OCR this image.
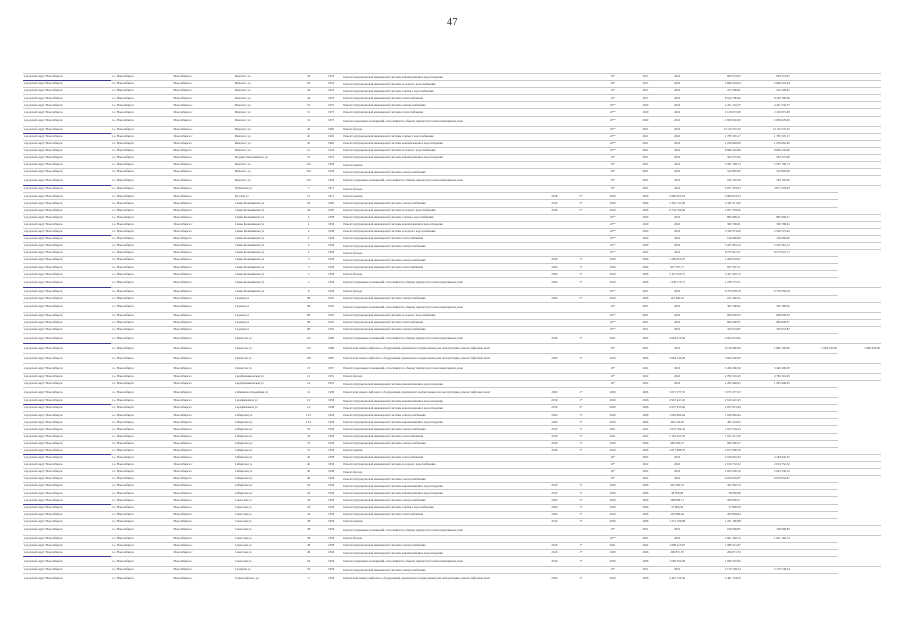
47
городской округ Новосибирск	г.о. Новосибирск	Новосибирск г	Римского ул	26	1953	Ремонт внутридомовой инженерной системы канализования и водоотведения			10*	2017	2022	694 553,05	694 553,05		
городской округ Новосибирск	г.о. Новосибирск	Новосибирск г	Римского ул	26	1953	Ремонт внутридомовой инженерной системы холодного водоснабжения			10*	2017	2022	2 669 222,04	2 669 222,04		
городской округ Новосибирск	г.о. Новосибирск	Новосибирск г	Римского ул	26	1953	Ремонт внутридомовой инженерной системы горячего водоснабжения			10*	2017	2022	252 590,81	252 590,81		
городской округ Новосибирск	г.о. Новосибирск	Новосибирск г	Римского ул	26	1953	Ремонт внутридомовой инженерной системы теплоснабжения			10*	2017	2022	8 164 780,60	8 164 780,60		
городской округ Новосибирск	г.о. Новосибирск	Новосибирск г	Римского ул	31	1975	Ремонт внутридомовой инженерной системы электроснабжения			10**	2020	2022	4 451 742,75	4 451 742,75		
городской округ Новосибирск	г.о. Новосибирск	Новосибирск г	Римского ул	31	1975	Ремонт внутридомовой инженерной системы теплоснабжения			10**	2020	2022	2 129 672,08	2 129 672,08		
городской округ Новосибирск	г.о. Новосибирск	Новосибирск г	Римского ул	31	1975	Ремонт подвальных помещений, относящихся к общему имуществу в многоквартирном доме			10**	2020	2022	2 659 620,00	2 659 620,00		
городской округ Новосибирск	г.о. Новосибирск	Новосибирск г	Римского ул	45	1965	Ремонт фасада			10**	2021	2022	13 116 537,45	13 116 537,45		
городской округ Новосибирск	г.о. Новосибирск	Новосибирск г	Римского ул	45	1965	Ремонт внутридомовой инженерной системы горячего водоснабжения			10**	2021	2022	1 785 505,17	1 785 505,17		
городской округ Новосибирск	г.о. Новосибирск	Новосибирск г	Римского ул	45	1965	Ремонт внутридомовой инженерной системы канализования и водоотведения			10**	2021	2022	1 239 662,90	1 239 662,90		
городской округ Новосибирск	г.о. Новосибирск	Новосибирск г	Римского ул	51	1933	Ремонт внутридомовой инженерной системы холодного водоснабжения			10**	2021	2022	8 806 245,96	8 806 245,96		
городской округ Новосибирск	г.о. Новосибирск	Новосибирск г	Богдана Хмельницкого ул	75	1953	Ремонт внутридомовой инженерной системы канализования и водоотведения			10*	2021	2022	563 275,00	563 275,00		
городской округ Новосибирск	г.о. Новосибирск	Новосибирск г	Римского ул	25а	1958	Ремонт крыши			10*	2021	2022	2 581 706,73	2 581 706,73		
городской округ Новосибирск	г.о. Новосибирск	Новосибирск г	Римского ул	25а	1958	Ремонт внутридомовой инженерной системы электроснабжения			10*	2021	2022	543 895,00	543 895,00		
городской округ Новосибирск	г.о. Новосибирск	Новосибирск г	Римского ул	25а	1958	Ремонт подвальных помещений, относящихся к общему имуществу в многоквартирном доме			10*	2021	2022	183 702,50	183 702,50		
городской округ Новосибирск	г.о. Новосибирск	Новосибирск г	Рубиновая ул	7	1971	Ремонт фасада			10*	2021	2022	4 871 479,03	4 871 479,03		
городской округ Новосибирск	г.о. Новосибирск	Новосибирск г	Русская ул	15	1971	Ремонт крыши	2018	2*	2020	2026	2 900 053,23	2 900 053,23			
городской округ Новосибирск	г.о. Новосибирск	Новосибирск г	Саввы Кожевникова ул	29	1983	Ремонт внутридомовой инженерной системы электроснабжения	2019	2*	2020	2026	2 305 511,00	2 305 511,00			
городской округ Новосибирск	г.о. Новосибирск	Новосибирск г	Саввы Кожевникова ул	29	1983	Ремонт внутридомовой инженерной системы холодного водоснабжения	2019	2*	2020	2026	6 734 794,00	1 857 793,00			
городской округ Новосибирск	г.о. Новосибирск	Новосибирск г	Саввы Кожевникова ул	4	1958	Ремонт внутридомовой инженерной системы горячего водоснабжения			10**	2020	2022	885 999,21	885 999,21		
городской округ Новосибирск	г.о. Новосибирск	Новосибирск г	Саввы Кожевникова ул	4	1958	Ремонт внутридомовой инженерной системы канализования и водоотведения			10**	2020	2022	300 796,61	300 796,61		
городской округ Новосибирск	г.о. Новосибирск	Новосибирск г	Саввы Кожевникова ул	4	1958	Ремонт внутридомовой инженерной системы холодного водоснабжения			10**	2020	2022	2 549 373,40	2 549 373,40		
городской округ Новосибирск	г.о. Новосибирск	Новосибирск г	Саввы Кожевникова ул	4	1958	Ремонт внутридомовой инженерной системы теплоснабжения			10**	2020	2022	126 606,90	126 606,90		
городской округ Новосибирск	г.о. Новосибирск	Новосибирск г	Саввы Кожевникова ул	4	1958	Ремонт внутридомовой инженерной системы электроснабжения			10**	2020	2022	5 203 481,12	5 203 481,12		
городской округ Новосибирск	г.о. Новосибирск	Новосибирск г	Саввы Кожевникова ул	4	1958	Ремонт фасада			10**	2022	2022	8 275 941,71	8 275 941,71		
городской округ Новосибирск	г.о. Новосибирск	Новосибирск г	Саввы Кожевникова ул	5	1958	Ремонт внутридомовой инженерной системы электроснабжения	2019	1*	2020	2026	1 299 652,97	1 299 652,97			
городской округ Новосибирск	г.о. Новосибирск	Новосибирск г	Саввы Кожевникова ул	5	1958	Ремонт внутридомовой инженерной системы теплоснабжения	2020	1*	2020	2026	827 567,71	827 567,71			
городской округ Новосибирск	г.о. Новосибирск	Новосибирск г	Саввы Кожевникова ул	5	1958	Ремонт фасада	2020	1*	2020	2026	5 457 455,72	5 457 455,72			
городской округ Новосибирск	г.о. Новосибирск	Новосибирск г	Саввы Кожевникова ул	5	1958	Ремонт подвальных помещений, относящихся к общему имуществу в многоквартирном доме	2020	1*	2020	2026	1 238 175,71	1 238 175,71			
городской округ Новосибирск	г.о. Новосибирск	Новосибирск г	Саввы Кожевникова ул	6	1958	Ремонт фасада			10**	2021	2022	9 750 658,18	9 750 658,18		
городской округ Новосибирск	г.о. Новосибирск	Новосибирск г	Садовая ул	98	1955	Ремонт внутридомовой инженерной системы электроснабжения	2020	2*	2020	2026	191 400,25	191 400,25			
городской округ Новосибирск	г.о. Новосибирск	Новосибирск г	Садовая ул	98	1955	Ремонт подвальных помещений, относящихся к общему имуществу в многоквартирном доме			10*	2021	2022	305 160,92	305 160,92		
городской округ Новосибирск	г.о. Новосибирск	Новосибирск г	Садовая ул	98	1955	Ремонт внутридомовой инженерной системы холодного водоснабжения			10**	2021	2022	608 658,35	608 658,35		
городской округ Новосибирск	г.о. Новосибирск	Новосибирск г	Садовая ул	98	1955	Ремонт внутридомовой инженерной системы теплоснабжения			10**	2021	2022	884 008,37	884 008,37		
городской округ Новосибирск	г.о. Новосибирск	Новосибирск г	Садовая ул	98	1955	Ремонт внутридомовой инженерной системы электроснабжения			10**	2021	2022	350 053,87	350 053,87		
городской округ Новосибирск	г.о. Новосибирск	Новосибирск г	Связистов ул	115	1980	Ремонт подвальных помещений, относящихся к общему имуществу в многоквартирном доме	2019	1*	2021	2022	4 904 472,00	4 924 472,00			
городской округ Новосибирск	г.о. Новосибирск	Новосибирск г	Связистов ул	115	1980	Ремонт или замена лифтового оборудования, признанного непригодным для эксплуатации, ремонт лифтовых шахт			10*	2021	2022	6 136 060,00	1 896 100,00	1 904 250,00	1 884 250,00
городской округ Новосибирск	г.о. Новосибирск	Новосибирск г	Связистов ул	129	1987	Ремонт или замена лифтового оборудования, признанного непригодным для эксплуатации, ремонт лифтовых шахт	2020	1*	2020	2026	3 664 520,00	3 664 520,00			
городской округ Новосибирск	г.о. Новосибирск	Новосибирск г	Связистов ул	13	1957	Ремонт подвальных помещений, относящихся к общему имуществу в многоквартирном доме			10*	2022	2022	3 436 290,30	3 426 290,30		
городской округ Новосибирск	г.о. Новосибирск	Новосибирск г	Серебренниковская ул	12	1955	Ремонт фасада			10*	2022	2022	4 782 316,29	4 782 316,29		
городской округ Новосибирск	г.о. Новосибирск	Новосибирск г	Серебренниковская ул	12	1955	Ремонт внутридомовой инженерной системы канализования и водоотведения			10*	2022	2022	1 295 446,95	1 295 446,95		
городской округ Новосибирск	г.о. Новосибирск	Новосибирск г	Сибиряков-Гвардейцев ул	12	1958	Ремонт или замена лифтового оборудования, признанного непригодным для эксплуатации, ремонт лифтовых шахт	2020	1*	2020	2026	5 675 377,55	5 675 377,55			
городской округ Новосибирск	г.о. Новосибирск	Новосибирск г	Серафимовича ул	1/2	1958	Ремонт внутридомовой инженерной системы канализования и водоотведения	2019	1*	2020	2026	2 910 447,45	2 910 447,45			
городской округ Новосибирск	г.о. Новосибирск	Новосибирск г	Серафимовича ул	1/2	1958	Ремонт внутридомовой инженерной системы канализования и водоотведения	2019	2*	2020	2026	2 637 613,40	2 637 613,40			
городской округ Новосибирск	г.о. Новосибирск	Новосибирск г	Сибирская ул	13/1	1958	Ремонт внутридомовой инженерной системы электроснабжения	2020	1*	2020	2026	1 029 982,64	1 029 982,64			
городской округ Новосибирск	г.о. Новосибирск	Новосибирск г	Сибирская ул	13/1	1958	Ремонт внутридомовой инженерной системы канализования и водоотведения	2020	1*	2020	2026	495 224,95	495 224,95			
городской округ Новосибирск	г.о. Новосибирск	Новосибирск г	Сибирская ул	33	1958	Ремонт внутридомовой инженерной системы электроснабжения	2019	1*	2021	2022	1 052 704,43	1 052 704,43			
городской округ Новосибирск	г.о. Новосибирск	Новосибирск г	Сибирская ул	33	1958	Ремонт внутридомовой инженерной системы теплоснабжения	2019	1*	2021	2022	1 191 021,50	1 191 021,50			
городской округ Новосибирск	г.о. Новосибирск	Новосибирск г	Сибирская ул	37	1958	Ремонт внутридомовой инженерной системы электроснабжения	2019	1*	2020	2026	966 290,27	966 290,27			
городской округ Новосибирск	г.о. Новосибирск	Новосибирск г	Сибирская ул	37	1958	Ремонт крыши	2019	1*	2020	2026	2 617 896,76	2 617 896,76			
городской округ Новосибирск	г.о. Новосибирск	Новосибирск г	Сибирская ул	40	1958	Ремонт внутридомовой инженерной системы теплоснабжения			10*	2022	2022	2 184 945,35	2 184 945,35		
городской округ Новосибирск	г.о. Новосибирск	Новосибирск г	Сибирская ул	40	1958	Ремонт внутридомовой инженерной системы холодного водоснабжения			10*	2022	2022	2 019 752,52	2 019 752,52		
городской округ Новосибирск	г.о. Новосибирск	Новосибирск г	Сибирская ул	40	1958	Ремонт фасада			10*	2022	2022	5 045 236,19	5 045 236,19		
городской округ Новосибирск	г.о. Новосибирск	Новосибирск г	Сибирская ул	40	1958	Ремонт внутридомовой инженерной системы электроснабжения			10*	2022	2022	6 659 832,87	6 659 832,87		
городской округ Новосибирск	г.о. Новосибирск	Новосибирск г	Сибирская ул	42	1958	Ремонт внутридомовой инженерной системы канализования и водоотведения	2019	1*	2020	2026	422 382,74	422 382,74			
городской округ Новосибирск	г.о. Новосибирск	Новосибирск г	Сибирская ул	42	1958	Ремонт внутридомовой инженерной системы канализования и водоотведения	2019	1*	2020	2026	38 850,08	38 850,08			
городской округ Новосибирск	г.о. Новосибирск	Новосибирск г	Советская ул	34	1958	Ремонт внутридомовой инженерной системы электроснабжения	2020	1*	2020	2026	208 999,71	208 999,71			
городской округ Новосибирск	г.о. Новосибирск	Новосибирск г	Советская ул	34	1958	Ремонт внутридомовой инженерной системы горячего водоснабжения	2020	1*	2020	2026	37 800,56	37 800,56			
городской округ Новосибирск	г.о. Новосибирск	Новосибирск г	Советская ул	34	1958	Ремонт внутридомовой инженерной системы теплоснабжения	2020	1*	2020	2026	203 884,64	203 884,64			
городской округ Новосибирск	г.о. Новосибирск	Новосибирск г	Советская ул	38	1958	Ремонт крыши	2019	1*	2020	2026	1 231 160,88	1 231 160,88			
городской округ Новосибирск	г.о. Новосибирск	Новосибирск г	Советская ул	38	1958	Ремонт подвальных помещений, относящихся к общему имуществу в многоквартирном доме			10*	2021	2022	199 096,85	199 096,85		
городской округ Новосибирск	г.о. Новосибирск	Новосибирск г	Советская ул	38	1958	Ремонт фасада			10**	2021	2022	1 901 182,74	1 901 182,74		
городской округ Новосибирск	г.о. Новосибирск	Новосибирск г	Советская ул	38	1958	Ремонт внутридомовой инженерной системы электроснабжения	2019	1*	2021	2022	1 089 215,67	1 089 215,67			
городской округ Новосибирск	г.о. Новосибирск	Новосибирск г	Советская ул	46	1958	Ремонт внутридомовой инженерной системы канализования и водоотведения	2019	1*	2020	2026	206 871,70	206 871,70			
городской округ Новосибирск	г.о. Новосибирск	Новосибирск г	Советская ул	64	1958	Ремонт подвальных помещений, относящихся к общему имуществу в многоквартирном доме	2019	1*	2020	2026	1 009 352,90	1 009 352,90			
городской округ Новосибирск	г.о. Новосибирск	Новосибирск г	Сухарная ул	35	1958	Ремонт внутридомовой инженерной системы электроснабжения			10*	2021	2022	2 179 748,24	2 179 748,24		
городской округ Новосибирск	г.о. Новосибирск	Новосибирск г	Станиславского ул	3	1958	Ремонт или замена лифтового оборудования, признанного непригодным для эксплуатации, ремонт лифтовых шахт	2020	1*	2020	2026	2 461 754,50	2 461 754,50			
